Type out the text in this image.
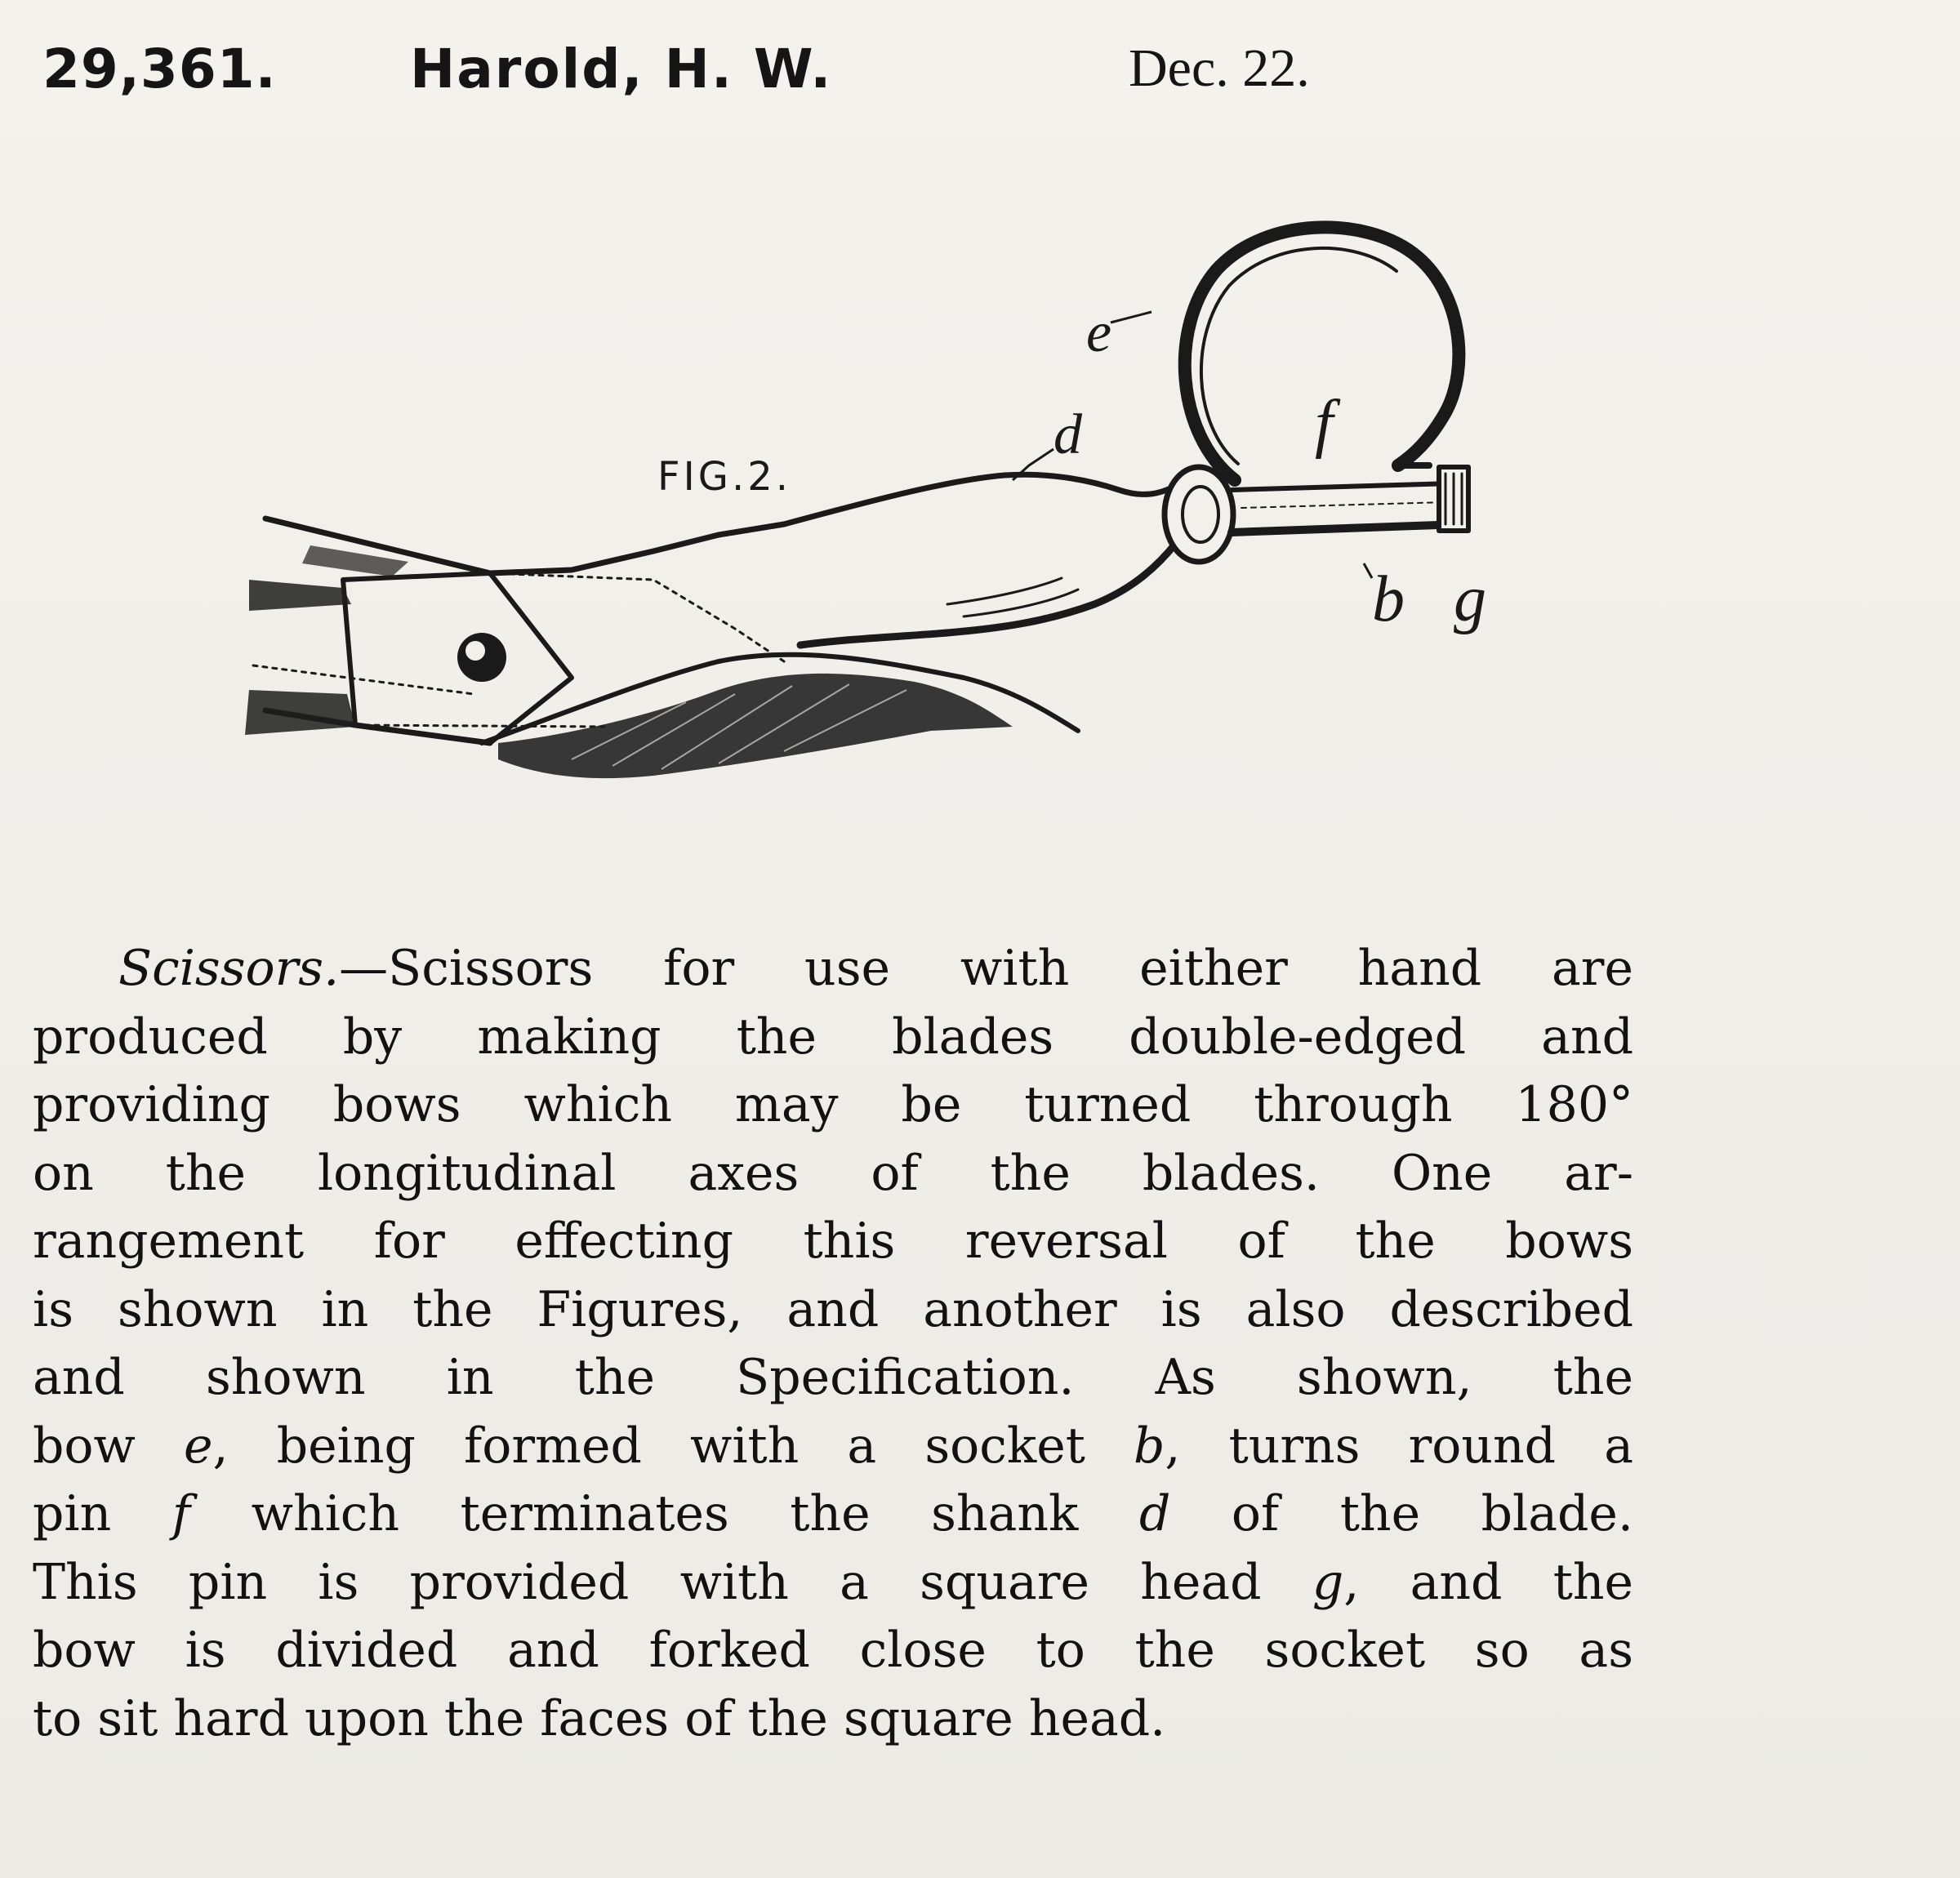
29,361. Harold, H. W.	Dec. 22.
FIG.2.
e
d	f
b g
Scissors.—Scissors for use with either hand are
produced by making the blades double-edged and
providing bows which may be turned through 180°
on the longitudinal axes of the blades. One ar-
rangement for effecting this reversal of the bows
is shown in the Figures, and another is also described
and shown in the Specification. As shown, the
bow e, being formed with a socket b, turns round a
pin f which terminates the shank d of the blade.
This pin is provided with a square head g, and the
bow is divided and forked close to the socket so as
to sit hard upon the faces of the square head.
